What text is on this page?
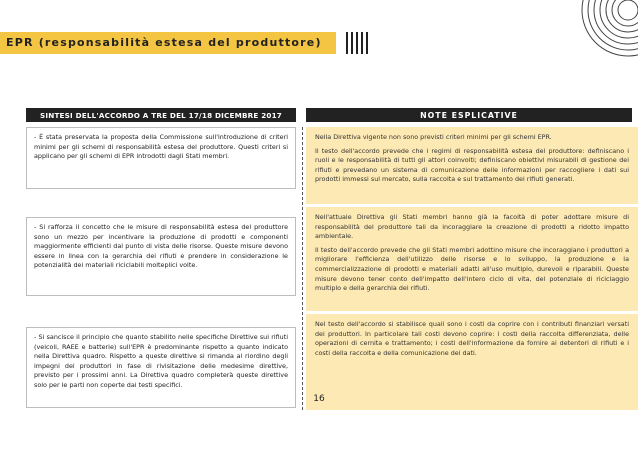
EPR (responsabilità estesa del produttore)
SINTESI DELL'ACCORDO A TRE DEL 17/18 DICEMBRE 2017	NOTE ESPLICATIVE

- È stata preservata la proposta della Commissione sull'introduzione di criteri minimi per gli schemi di responsabilità estesa del produttore. Questi criteri si applicano per gli schemi di EPR introdotti dagli Stati membri.

Nella Direttiva vigente non sono previsti criteri minimi per gli schemi EPR.

Il testo dell'accordo prevede che i regimi di responsabilità estesa del produttore: definiscano i ruoli e le responsabilità di tutti gli attori coinvolti; definiscano obiettivi misurabili di gestione dei rifiuti e prevedano un sistema di comunicazione delle informazioni per raccogliere i dati sui prodotti immessi sul mercato, sulla raccolta e sul trattamento dei rifiuti generati.

- Si rafforza il concetto che le misure di responsabilità estesa del produttore sono un mezzo per incentivare la produzione di prodotti e componenti maggiormente efficienti dal punto di vista delle risorse. Queste misure devono essere in linea con la gerarchia dei rifiuti e prendere in considerazione le potenzialità dei materiali riciclabili molteplici volte.

Nell'attuale Direttiva gli Stati membri hanno già la facoltà di poter adottare misure di responsabilità del produttore tali da incoraggiare la creazione di prodotti a ridotto impatto ambientale.

Il testo dell'accordo prevede che gli Stati membri adottino misure che incoraggiano i produttori a migliorare l'efficienza dell'utilizzo delle risorse e lo sviluppo, la produzione e la commercializzazione di prodotti e materiali adatti all'uso multiplo, durevoli e riparabili. Queste misure devono tener conto dell'impatto dell'intero ciclo di vita, del potenziale di riciclaggio multiplo e della gerarchia dei rifiuti.

- Si sancisce il principio che quanto stabilito nelle specifiche Direttive sui rifiuti (veicoli, RAEE e batterie) sull'EPR è predominante rispetto a quanto indicato nella Direttiva quadro. Rispetto a queste direttive si rimanda al riordino degli impegni dei produttori in fase di rivisitazione delle medesime direttive, previsto per i prossimi anni. La Direttiva quadro completerà queste direttive solo per le parti non coperte dai testi specifici.

Nel testo dell'accordo si stabilisce quali sono i costi da coprire con i contributi finanziari versati dei produttori. In particolare tali costi devono coprire: i costi della raccolta differenziata, delle operazioni di cernita e trattamento; i costi dell'informazione da fornire ai detentori di rifiuti e i costi della raccolta e della comunicazione dei dati.

16
